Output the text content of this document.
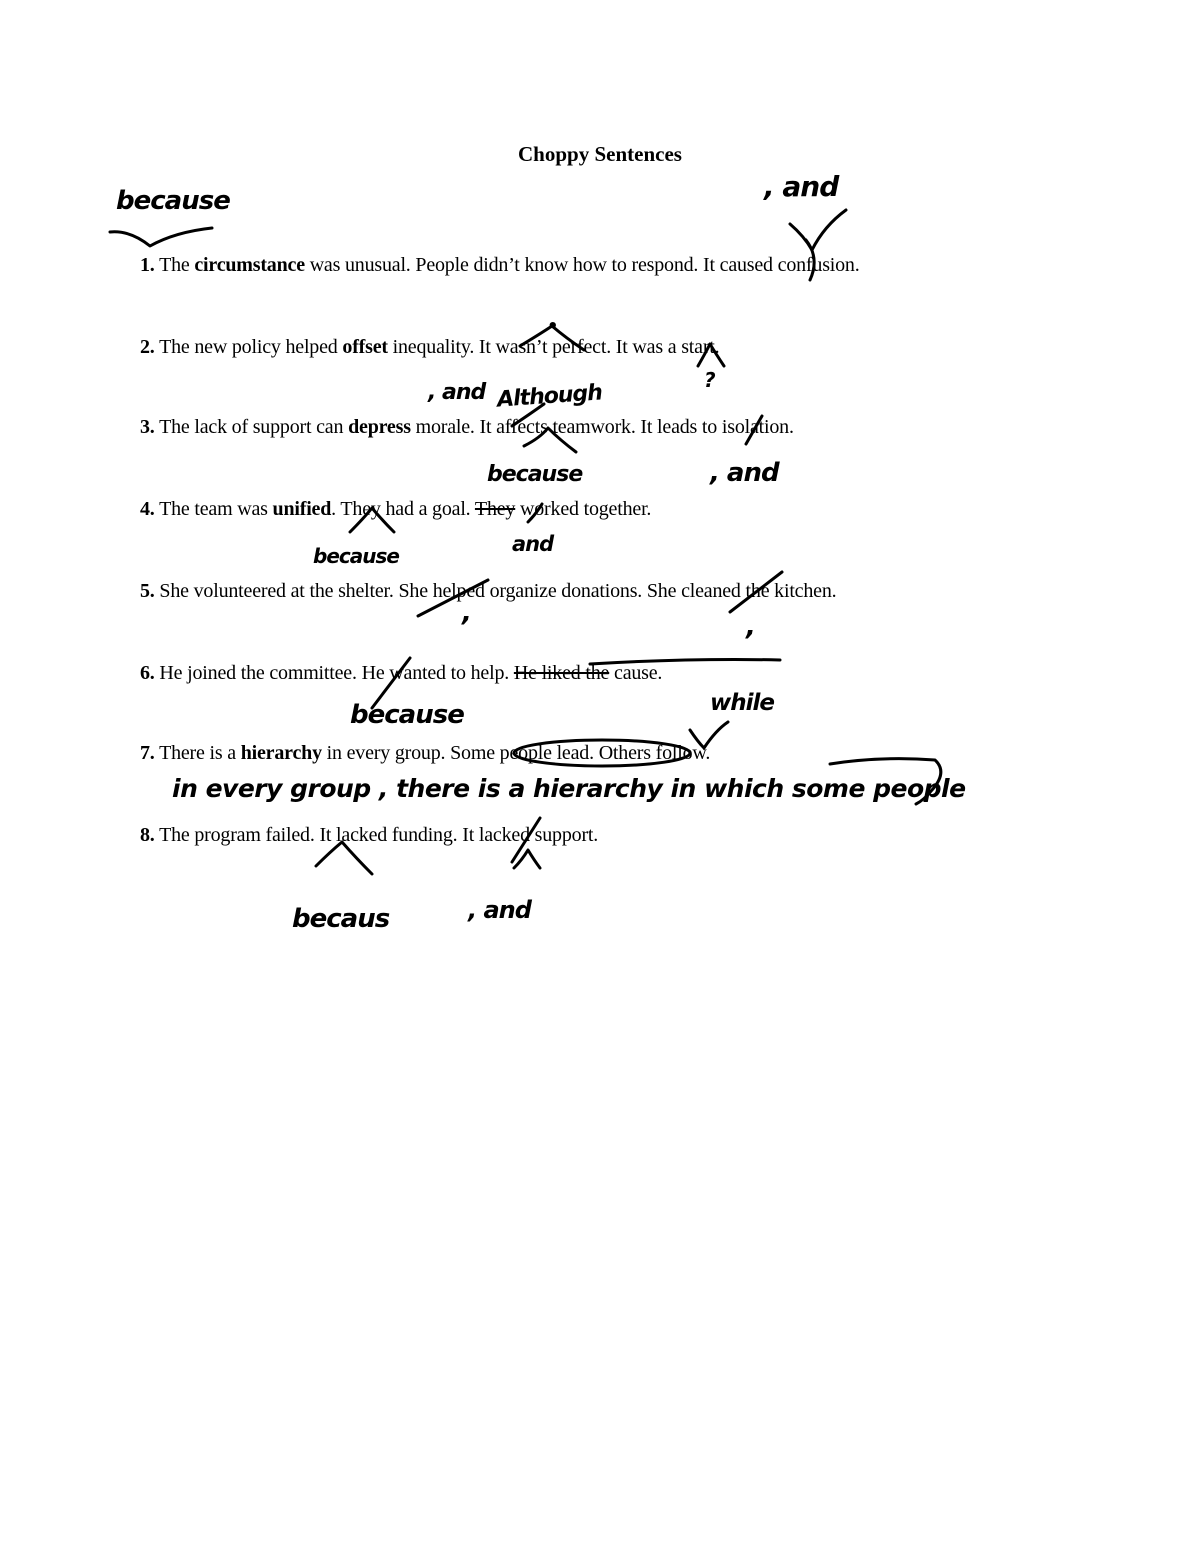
Choppy Sentences
1. The circumstance was unusual. People didn’t know how to respond. It caused confusion.
2. The new policy helped offset inequality. It wasn’t perfect. It was a start.
3. The lack of support can depress morale. It affects teamwork. It leads to isolation.
4. The team was unified. They had a goal. They worked together.
5. She volunteered at the shelter. She helped organize donations. She cleaned the kitchen.
6. He joined the committee. He wanted to help. He liked the cause.
7. There is a hierarchy in every group. Some people lead. Others follow.
8. The program failed. It lacked funding. It lacked support.
because	, and
•
, and Although
?
because	, and
because	and
,	,
because	while
in every group , there is a hierarchy in which some people
becaus	, and
